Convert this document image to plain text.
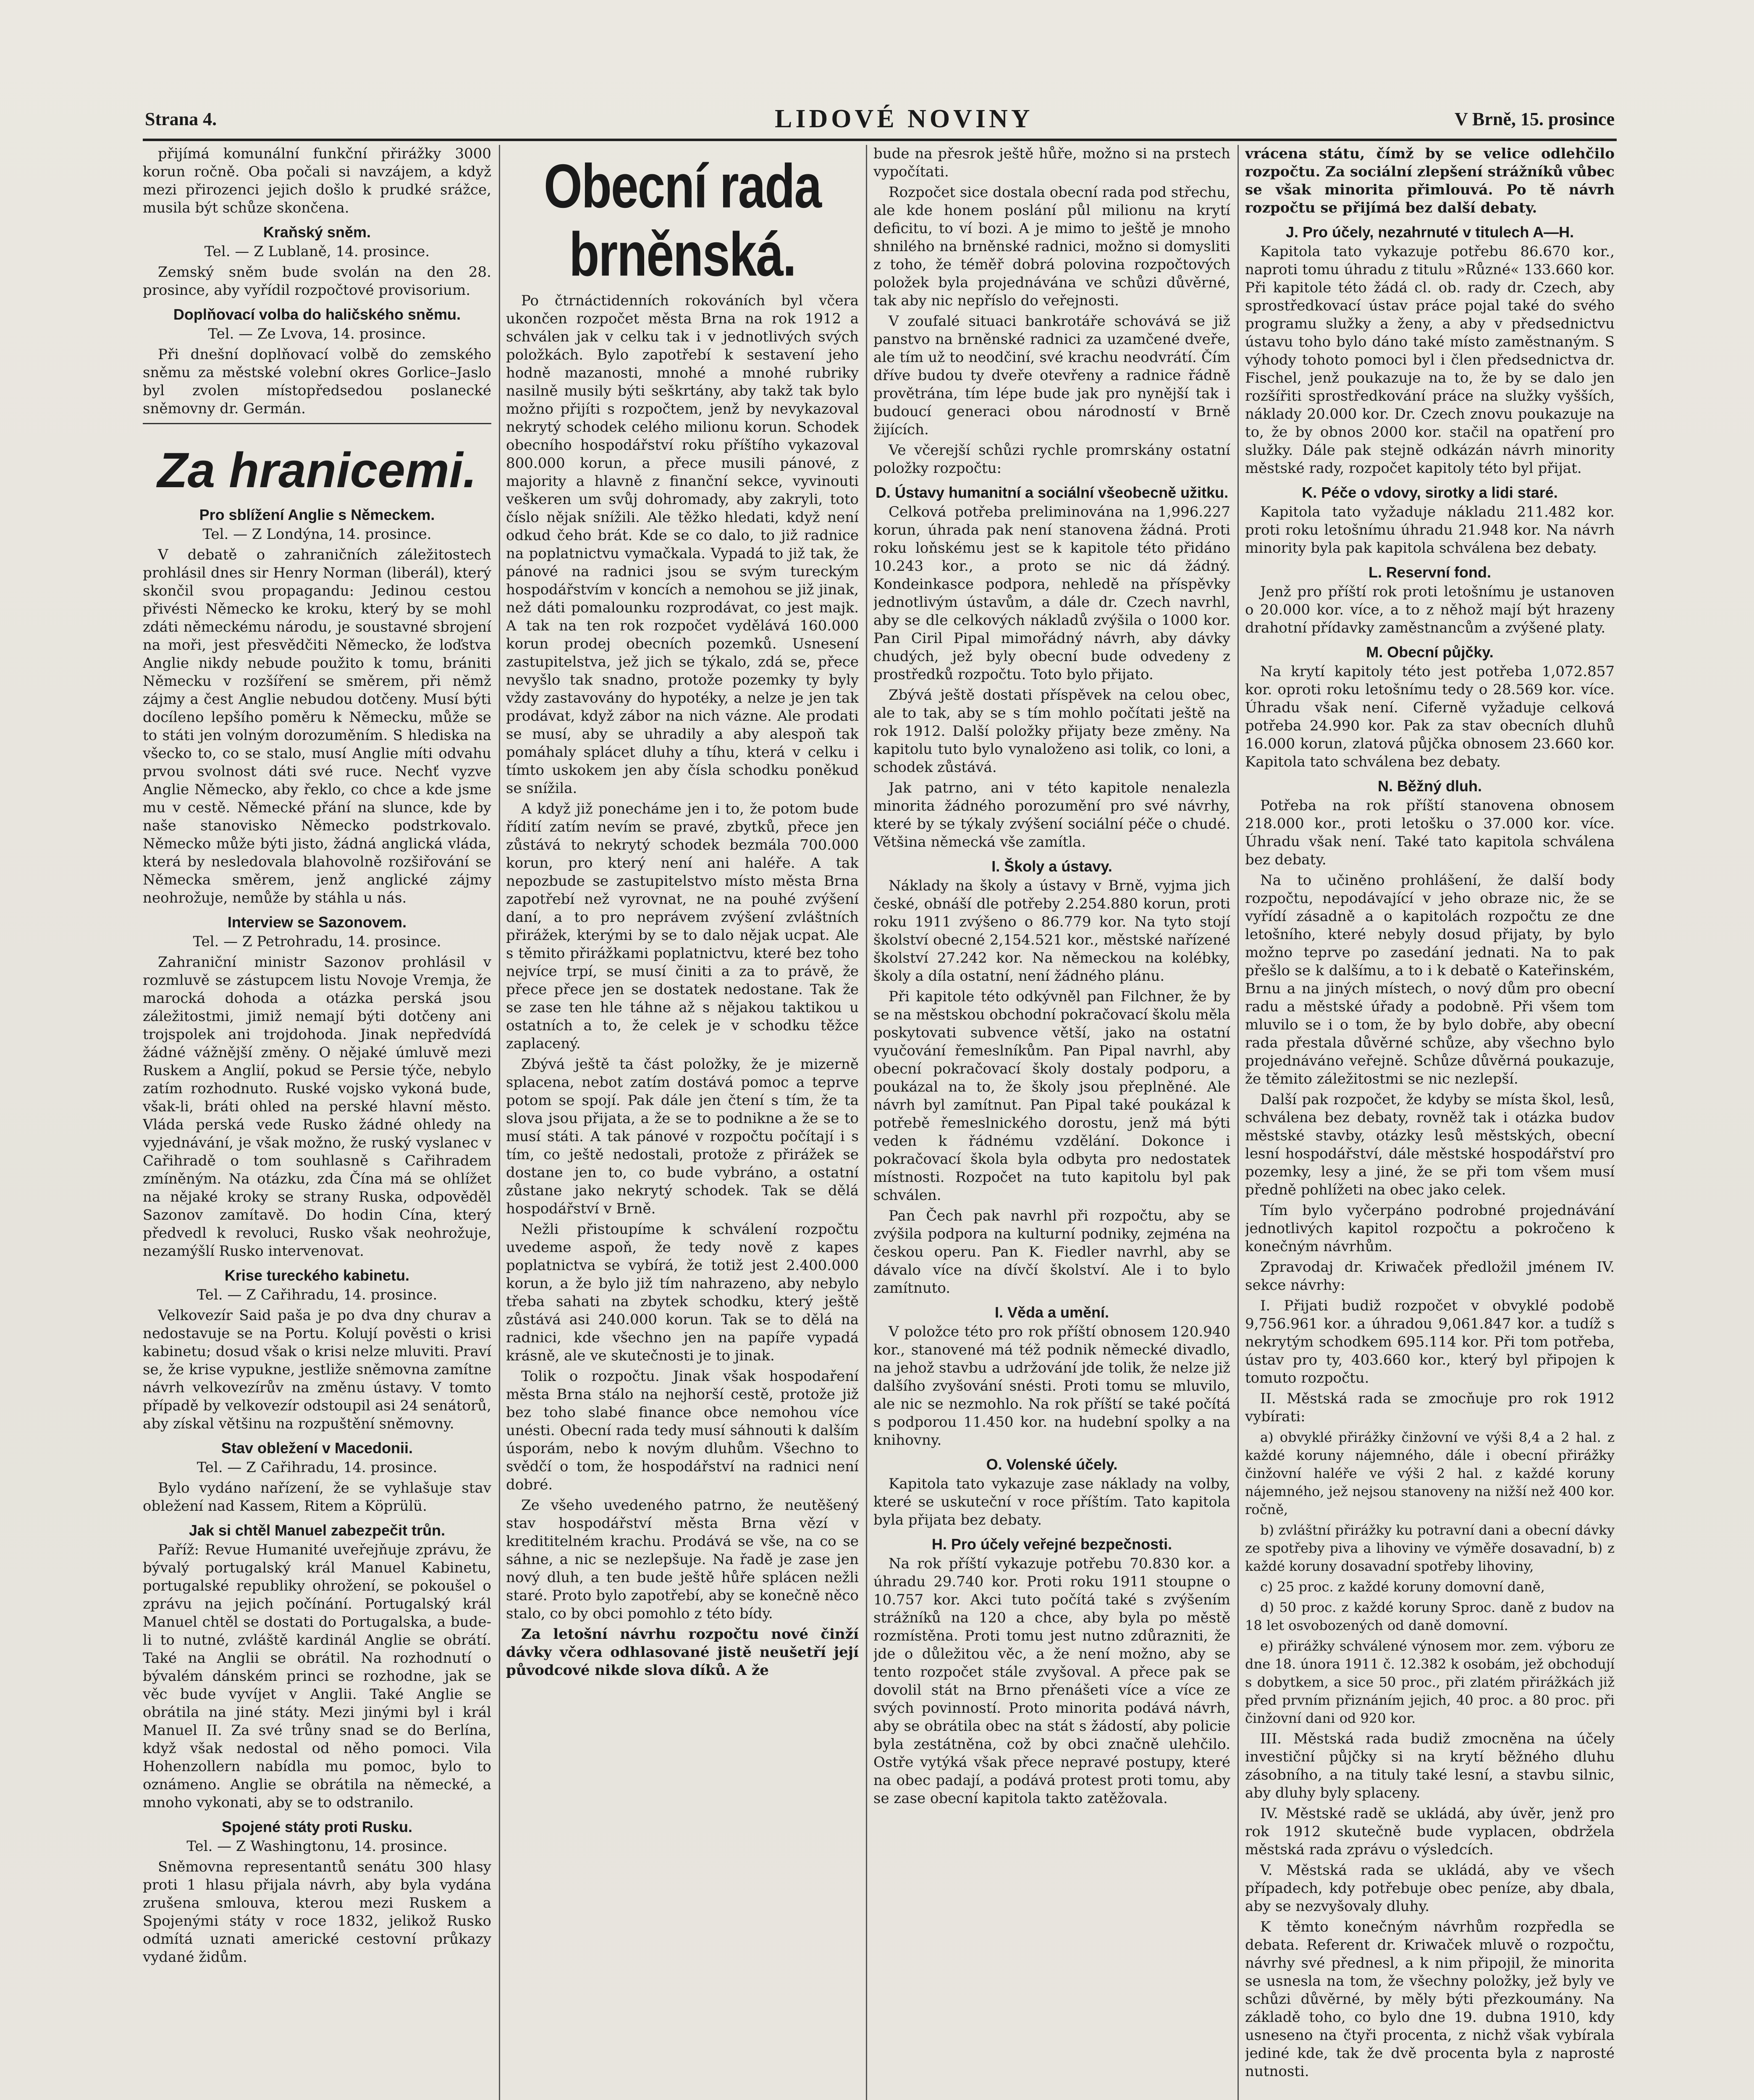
Strana 4.	LIDOVÉ NOVINY	V Brně, 15. prosince

přijímá komunální funkční přirážky 3000 korun ročně. Oba počali si navzájem, a když mezi přirozenci jejich došlo k prudké srážce, musila být schůze skončena.

Kraňský sněm.

Tel. — Z Lublaně, 14. prosince.

Zemský sněm bude svolán na den 28. prosince, aby vyřídil rozpočtové provisorium.

Doplňovací volba do haličského sněmu.

Tel. — Ze Lvova, 14. prosince.

Při dnešní doplňovací volbě do zemského sněmu za městské volební okres Gorlice–Jaslo byl zvolen místopředsedou poslanecké sněmovny dr. Germán.

Za hranicemi.
Pro sblížení Anglie s Německem.

Tel. — Z Londýna, 14. prosince.

V debatě o zahraničních záležitostech prohlásil dnes sir Henry Norman (liberál), který skončil svou propagandu: Jedinou cestou přivésti Německo ke kroku, který by se mohl zdáti německému národu, je soustavné sbrojení na moři, jest přesvědčiti Německo, že loďstva Anglie nikdy nebude použito k tomu, brániti Německu v rozšíření se směrem, při němž zájmy a čest Anglie nebudou dotčeny. Musí býti docíleno lepšího poměru k Německu, může se to státi jen volným dorozuměním. S hlediska na všecko to, co se stalo, musí Anglie míti odvahu prvou svolnost dáti své ruce. Nechť vyzve Anglie Německo, aby řeklo, co chce a kde jsme mu v cestě. Německé přání na slunce, kde by naše stanovisko Německo podstrkovalo. Německo může býti jisto, žádná anglická vláda, která by nesledovala blahovolně rozšiřování se Německa směrem, jenž anglické zájmy neohrožuje, nemůže by stáhla u nás.

Interview se Sazonovem.

Tel. — Z Petrohradu, 14. prosince.

Zahraniční ministr Sazonov prohlásil v rozmluvě se zástupcem listu Novoje Vremja, že marocká dohoda a otázka perská jsou záležitostmi, jimiž nemají býti dotčeny ani trojspolek ani trojdohoda. Jinak nepředvídá žádné vážnější změny. O nějaké úmluvě mezi Ruskem a Anglií, pokud se Persie týče, nebylo zatím rozhodnuto. Ruské vojsko vykoná bude, však-li, bráti ohled na perské hlavní město. Vláda perská vede Rusko žádné ohledy na vyjednávání, je však možno, že ruský vyslanec v Cařihradě o tom souhlasně s Cařihradem zmíněným. Na otázku, zda Čína má se ohlížet na nějaké kroky se strany Ruska, odpověděl Sazonov zamítavě. Do hodin Cína, který předvedl k revoluci, Rusko však neohrožuje, nezamýšlí Rusko intervenovat.

Krise tureckého kabinetu.

Tel. — Z Cařihradu, 14. prosince.

Velkovezír Said paša je po dva dny churav a nedostavuje se na Portu. Kolují pověsti o krisi kabinetu; dosud však o krisi nelze mluviti. Praví se, že krise vypukne, jestliže sněmovna zamítne návrh velkovezírův na změnu ústavy. V tomto případě by velkovezír odstoupil asi 24 senátorů, aby získal většinu na rozpuštění sněmovny.

Stav obležení v Macedonii.

Tel. — Z Cařihradu, 14. prosince.

Bylo vydáno nařízení, že se vyhlašuje stav obležení nad Kassem, Ritem a Köprülü.

Jak si chtěl Manuel zabezpečit trůn.

Paříž: Revue Humanité uveřejňuje zprávu, že bývalý portugalský král Manuel Kabinetu, portugalské republiky ohrožení, se pokoušel o zprávu na jejich počínání. Portugalský král Manuel chtěl se dostati do Portugalska, a bude-li to nutné, zvláště kardinál Anglie se obrátí. Také na Anglii se obrátil. Na rozhodnutí o bývalém dánském princi se rozhodne, jak se věc bude vyvíjet v Anglii. Také Anglie se obrátila na jiné státy. Mezi jinými byl i král Manuel II. Za své trůny snad se do Berlína, když však nedostal od něho pomoci. Vila Hohenzollern nabídla mu pomoc, bylo to oznámeno. Anglie se obrátila na německé, a mnoho vykonati, aby se to odstranilo.

Spojené státy proti Rusku.

Tel. — Z Washingtonu, 14. prosince.

Sněmovna representantů senátu 300 hlasy proti 1 hlasu přijala návrh, aby byla vydána zrušena smlouva, kterou mezi Ruskem a Spojenými státy v roce 1832, jelikož Rusko odmítá uznati americké cestovní průkazy vydané židům.

Obecní rada brněnská.

Po čtrnáctidenních rokováních byl včera ukončen rozpočet města Brna na rok 1912 a schválen jak v celku tak i v jednotlivých svých položkách. Bylo zapotřebí k sestavení jeho hodně mazanosti, mnohé a mnohé rubriky nasilně musily býti seškrtány, aby takž tak bylo možno přijíti s rozpočtem, jenž by nevykazoval nekrytý schodek celého milionu korun. Schodek obecního hospodářství roku příštího vykazoval 800.000 korun, a přece musili pánové, z majority a hlavně z finanční sekce, vyvinouti veškeren um svůj dohromady, aby zakryli, toto číslo nějak snížili. Ale těžko hledati, když není odkud čeho brát. Kde se co dalo, to již radnice na poplatnictvu vymačkala. Vypadá to již tak, že pánové na radnici jsou se svým tureckým hospodářstvím v koncích a nemohou se již jinak, než dáti pomalounku rozprodávat, co jest majk. A tak na ten rok rozpočet vydělává 160.000 korun prodej obecních pozemků. Usnesení zastupitelstva, jež jich se týkalo, zdá se, přece nevyšlo tak snadno, protože pozemky ty byly vždy zastavovány do hypotéky, a nelze je jen tak prodávat, když zábor na nich vázne. Ale prodati se musí, aby se uhradily a aby alespoň tak pomáhaly splácet dluhy a tíhu, která v celku i tímto uskokem jen aby čísla schodku poněkud se snížila.

A když již ponecháme jen i to, že potom bude řídití zatím nevím se pravé, zbytků, přece jen zůstává to nekrytý schodek bezmála 700.000 korun, pro který není ani haléře. A tak nepozbude se zastupitelstvo místo města Brna zapotřebí než vyrovnat, ne na pouhé zvýšení daní, a to pro neprávem zvýšení zvláštních přirážek, kterými by se to dalo nějak ucpat. Ale s těmito přirážkami poplatnictvu, které bez toho nejvíce trpí, se musí činiti a za to právě, že přece přece jen se dostatek nedostane. Tak že se zase ten hle táhne až s nějakou taktikou u ostatních a to, že celek je v schodku těžce zaplacený.

Zbývá ještě ta část položky, že je mizerně splacena, nebot zatím dostává pomoc a teprve potom se spojí. Pak dále jen čtení s tím, že ta slova jsou přijata, a že se to podnikne a že se to musí státi. A tak pánové v rozpočtu počítají i s tím, co ještě nedostali, protože z přirážek se dostane jen to, co bude vybráno, a ostatní zůstane jako nekrytý schodek. Tak se dělá hospodářství v Brně.

Nežli přistoupíme k schválení rozpočtu uvedeme aspoň, že tedy nově z kapes poplatnictva se vybírá, že totiž jest 2.400.000 korun, a že bylo již tím nahrazeno, aby nebylo třeba sahati na zbytek schodku, který ještě zůstává asi 240.000 korun. Tak se to dělá na radnici, kde všechno jen na papíře vypadá krásně, ale ve skutečnosti je to jinak.

Tolik o rozpočtu. Jinak však hospodaření města Brna stálo na nejhorší cestě, protože již bez toho slabé finance obce nemohou více unésti. Obecní rada tedy musí sáhnouti k dalším úsporám, nebo k novým dluhům. Všechno to svědčí o tom, že hospodářství na radnici není dobré.

Ze všeho uvedeného patrno, že neutěšený stav hospodářství města Brna vězí v kredititelném krachu. Prodává se vše, na co se sáhne, a nic se nezlepšuje. Na řadě je zase jen nový dluh, a ten bude ještě hůře splácen nežli staré. Proto bylo zapotřebí, aby se konečně něco stalo, co by obci pomohlo z této bídy.

Za letošní návrhu rozpočtu nové činží dávky včera odhlasované jistě neušetří její původcové nikde slova díků. A že

bude na přesrok ještě hůře, možno si na prstech vypočítati.

Rozpočet sice dostala obecní rada pod střechu, ale kde honem poslání půl milionu na krytí deficitu, to ví bozi. A je mimo to ještě je mnoho shnilého na brněnské radnici, možno si domysliti z toho, že téměř dobrá polovina rozpočtových položek byla projednávána ve schůzi důvěrné, tak aby nic nepříslo do veřejnosti.

V zoufalé situaci bankrotáře schovává se již panstvo na brněnské radnici za uzamčené dveře, ale tím už to neodčiní, své krachu neodvrátí. Čím dříve budou ty dveře otevřeny a radnice řádně provětrána, tím lépe bude jak pro nynější tak i budoucí generaci obou národností v Brně žijících.

Ve včerejší schůzi rychle promrskány ostatní položky rozpočtu:

D. Ústavy humanitní a sociální všeobecně užitku.

Celková potřeba preliminována na 1,996.227 korun, úhrada pak není stanovena žádná. Proti roku loňskému jest se k kapitole této přidáno 10.243 kor., a proto se nic dá žádný. Kondeinkasce podpora, nehledě na příspěvky jednotlivým ústavům, a dále dr. Czech navrhl, aby se dle celkových nákladů zvýšila o 1000 kor. Pan Ciril Pipal mimořádný návrh, aby dávky chudých, jež byly obecní bude odvedeny z prostředků rozpočtu. Toto bylo přijato.

Zbývá ještě dostati příspěvek na celou obec, ale to tak, aby se s tím mohlo počítati ještě na rok 1912. Další položky přijaty beze změny. Na kapitolu tuto bylo vynaloženo asi tolik, co loni, a schodek zůstává.

Jak patrno, ani v této kapitole nenalezla minorita žádného porozumění pro své návrhy, které by se týkaly zvýšení sociální péče o chudé. Většina německá vše zamítla.

I. Školy a ústavy.

Náklady na školy a ústavy v Brně, vyjma jich české, obnáší dle potřeby 2.254.880 korun, proti roku 1911 zvýšeno o 86.779 kor. Na tyto stojí školství obecné 2,154.521 kor., městské nařízené školství 27.242 kor. Na německou na kolébky, školy a díla ostatní, není žádného plánu.

Při kapitole této odkývněl pan Filchner, že by se na městskou obchodní pokračovací školu měla poskytovati subvence větší, jako na ostatní vyučování řemeslníkům. Pan Pipal navrhl, aby obecní pokračovací školy dostaly podporu, a poukázal na to, že školy jsou přeplněné. Ale návrh byl zamítnut. Pan Pipal také poukázal k potřebě řemeslnického dorostu, jenž má býti veden k řádnému vzdělání. Dokonce i pokračovací škola byla odbyta pro nedostatek místnosti. Rozpočet na tuto kapitolu byl pak schválen.

Pan Čech pak navrhl při rozpočtu, aby se zvýšila podpora na kulturní podniky, zejména na českou operu. Pan K. Fiedler navrhl, aby se dávalo více na dívčí školství. Ale i to bylo zamítnuto.

I. Věda a umění.

V položce této pro rok příští obnosem 120.940 kor., stanovené má též podnik německé divadlo, na jehož stavbu a udržování jde tolik, že nelze již dalšího zvyšování snésti. Proti tomu se mluvilo, ale nic se nezmohlo. Na rok příští se také počítá s podporou 11.450 kor. na hudební spolky a na knihovny.

O. Volenské účely.

Kapitola tato vykazuje zase náklady na volby, které se uskuteční v roce příštím. Tato kapitola byla přijata bez debaty.

H. Pro účely veřejné bezpečnosti.

Na rok příští vykazuje potřebu 70.830 kor. a úhradu 29.740 kor. Proti roku 1911 stoupne o 10.757 kor. Akci tuto počítá také s zvýšením strážníků na 120 a chce, aby byla po městě rozmístěna. Proti tomu jest nutno zdůrazniti, že jde o důležitou věc, a že není možno, aby se tento rozpočet stále zvyšoval. A přece pak se dovolil stát na Brno přenášeti více a více ze svých povinností. Proto minorita podává návrh, aby se obrátila obec na stát s žádostí, aby policie byla zestátněna, což by obci značně ulehčilo. Ostře vytýká však přece nepravé postupy, které na obec padají, a podává protest proti tomu, aby se zase obecní kapitola takto zatěžovala.

vrácena státu, čímž by se velice odlehčilo rozpočtu. Za sociální zlepšení strážníků vůbec se však minorita přimlouvá. Po tě návrh rozpočtu se přijímá bez další debaty.

J. Pro účely, nezahrnuté v titulech A—H.

Kapitola tato vykazuje potřebu 86.670 kor., naproti tomu úhradu z titulu »Různé« 133.660 kor. Při kapitole této žádá cl. ob. rady dr. Czech, aby sprostředkovací ústav práce pojal také do svého programu služky a ženy, a aby v předsednictvu ústavu toho bylo dáno také místo zaměstnaným. S výhody tohoto pomoci byl i člen předsednictva dr. Fischel, jenž poukazuje na to, že by se dalo jen rozšířiti sprostředkování práce na služky vyšších, náklady 20.000 kor. Dr. Czech znovu poukazuje na to, že by obnos 2000 kor. stačil na opatření pro služky. Dále pak stejně odkázán návrh minority městské rady, rozpočet kapitoly této byl přijat.

K. Péče o vdovy, sirotky a lidi staré.

Kapitola tato vyžaduje nákladu 211.482 kor. proti roku letošnímu úhradu 21.948 kor. Na návrh minority byla pak kapitola schválena bez debaty.

L. Reservní fond.

Jenž pro příští rok proti letošnímu je ustanoven o 20.000 kor. více, a to z něhož mají být hrazeny drahotní přídavky zaměstnancům a zvýšené platy.

M. Obecní půjčky.

Na krytí kapitoly této jest potřeba 1,072.857 kor. oproti roku letošnímu tedy o 28.569 kor. více. Úhradu však není. Ciferně vyžaduje celková potřeba 24.990 kor. Pak za stav obecních dluhů 16.000 korun, zlatová půjčka obnosem 23.660 kor. Kapitola tato schválena bez debaty.

N. Běžný dluh.

Potřeba na rok příští stanovena obnosem 218.000 kor., proti letošku o 37.000 kor. více. Úhradu však není. Také tato kapitola schválena bez debaty.

Na to učiněno prohlášení, že další body rozpočtu, nepodávající v jeho obraze nic, že se vyřídí zásadně a o kapitolách rozpočtu ze dne letošního, které nebyly dosud přijaty, by bylo možno teprve po zasedání jednati. Na to pak přešlo se k dalšímu, a to i k debatě o Kateřinském, Brnu a na jiných místech, o nový dům pro obecní radu a městské úřady a podobně. Při všem tom mluvilo se i o tom, že by bylo dobře, aby obecní rada přestala důvěrné schůze, aby všechno bylo projednáváno veřejně. Schůze důvěrná poukazuje, že těmito záležitostmi se nic nezlepší.

Další pak rozpočet, že kdyby se místa škol, lesů, schválena bez debaty, rovněž tak i otázka budov městské stavby, otázky lesů městských, obecní lesní hospodářství, dále městské hospodářství pro pozemky, lesy a jiné, že se při tom všem musí předně pohlížeti na obec jako celek.

Tím bylo vyčerpáno podrobné projednávání jednotlivých kapitol rozpočtu a pokročeno k konečným návrhům.

Zpravodaj dr. Kriwaček předložil jménem IV. sekce návrhy:

I. Přijati budiž rozpočet v obvyklé podobě 9,756.961 kor. a úhradou 9,061.847 kor. a tudíž s nekrytým schodkem 695.114 kor. Při tom potřeba, ústav pro ty, 403.660 kor., který byl připojen k tomuto rozpočtu.

II. Městská rada se zmocňuje pro rok 1912 vybírati:

a) obvyklé přirážky činžovní ve výši 8,4 a 2 hal. z každé koruny nájemného, dále i obecní přirážky činžovní haléře ve výši 2 hal. z každé koruny nájemného, jež nejsou stanoveny na nižší než 400 kor. ročně,

b) zvláštní přirážky ku potravní dani a obecní dávky ze spotřeby piva a lihoviny ve výměře dosavadní, b) z každé koruny dosavadní spotřeby lihoviny,

c) 25 proc. z každé koruny domovní daně,

d) 50 proc. z každé koruny Sproc. daně z budov na 18 let osvobozených od daně domovní.

e) přirážky schválené výnosem mor. zem. výboru ze dne 18. února 1911 č. 12.382 k osobám, jež obchodují s dobytkem, a sice 50 proc., při zlatém přirážkách již před prvním přiznáním jejich, 40 proc. a 80 proc. při činžovní dani od 920 kor.

III. Městská rada budiž zmocněna na účely investiční půjčky si na krytí běžného dluhu zásobního, a na tituly také lesní, a stavbu silnic, aby dluhy byly splaceny.

IV. Městské radě se ukládá, aby úvěr, jenž pro rok 1912 skutečně bude vyplacen, obdržela městská rada zprávu o výsledcích.

V. Městská rada se ukládá, aby ve všech případech, kdy potřebuje obec peníze, aby dbala, aby se nezvyšovaly dluhy.

K těmto konečným návrhům rozpředla se debata. Referent dr. Kriwaček mluvě o rozpočtu, návrhy své přednesl, a k nim připojil, že minorita se usnesla na tom, že všechny položky, jež byly ve schůzi důvěrné, by měly býti přezkoumány. Na základě toho, co bylo dne 19. dubna 1910, kdy usneseno na čtyři procenta, z nichž však vybírala jediné kde, tak že dvě procenta byla z naprosté nutnosti.
